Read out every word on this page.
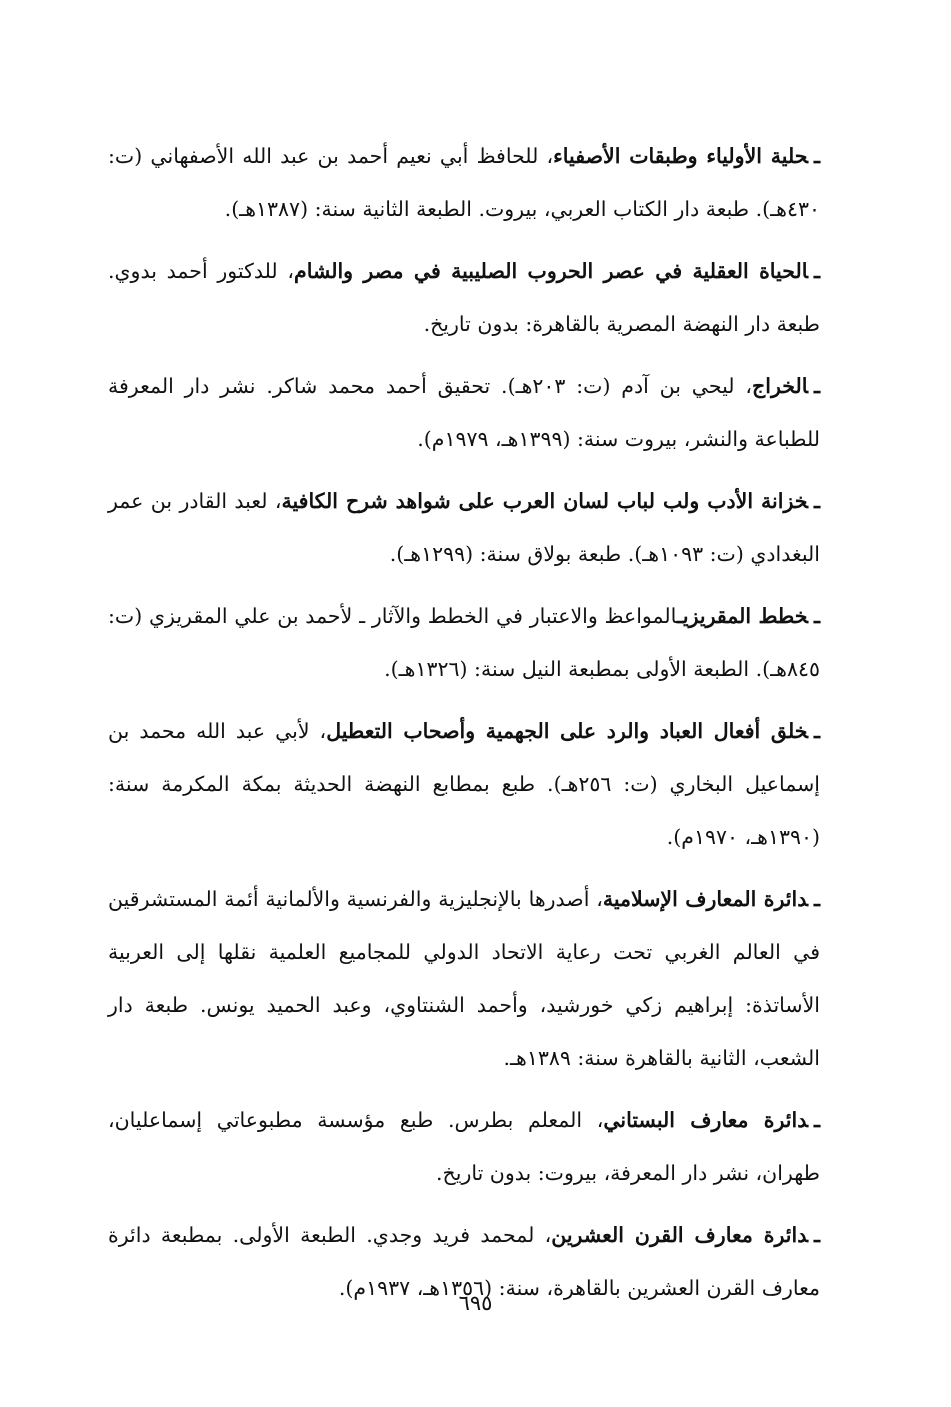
ـحلية الأولياء وطبقات الأصفياء، للحافظ أبي نعيم أحمد بن عبد الله الأصفهاني (ت: ٤٣٠هـ). طبعة دار الكتاب العربي، بيروت. الطبعة الثانية سنة: (١٣٨٧هـ).

ـالحياة العقلية في عصر الحروب الصليبية في مصر والشام، للدكتور أحمد بدوي. طبعة دار النهضة المصرية بالقاهرة: بدون تاريخ.

ـالخراج، ليحي بن آدم (ت: ٢٠٣هـ). تحقيق أحمد محمد شاكر. نشر دار المعرفة للطباعة والنشر، بيروت سنة: (١٣٩٩هـ، ١٩٧٩م).

ـخزانة الأدب ولب لباب لسان العرب على شواهد شرح الكافية، لعبد القادر بن عمر البغدادي (ت: ١٠٩٣هـ). طبعة بولاق سنة: (١٢٩٩هـ).

ـخطط المقريزيـالمواعظ والاعتبار في الخطط والآثار ـ لأحمد بن علي المقريزي (ت: ٨٤٥هـ). الطبعة الأولى بمطبعة النيل سنة: (١٣٢٦هـ).

ـخلق أفعال العباد والرد على الجهمية وأصحاب التعطيل، لأبي عبد الله محمد بن إسماعيل البخاري (ت: ٢٥٦هـ). طبع بمطابع النهضة الحديثة بمكة المكرمة سنة: (١٣٩٠هـ، ١٩٧٠م).

ـدائرة المعارف الإسلامية، أصدرها بالإنجليزية والفرنسية والألمانية أئمة المستشرقين في العالم الغربي تحت رعاية الاتحاد الدولي للمجاميع العلمية نقلها إلى العربية الأساتذة: إبراهيم زكي خورشيد، وأحمد الشنتاوي، وعبد الحميد يونس. طبعة دار الشعب، الثانية بالقاهرة سنة: ١٣٨٩هـ.

ـدائرة معارف البستاني، المعلم بطرس. طبع مؤسسة مطبوعاتي إسماعليان، طهران، نشر دار المعرفة، بيروت: بدون تاريخ.

ـدائرة معارف القرن العشرين، لمحمد فريد وجدي. الطبعة الأولى. بمطبعة دائرة معارف القرن العشرين بالقاهرة، سنة: (١٣٥٦هـ، ١٩٣٧م).

٦٩٥
